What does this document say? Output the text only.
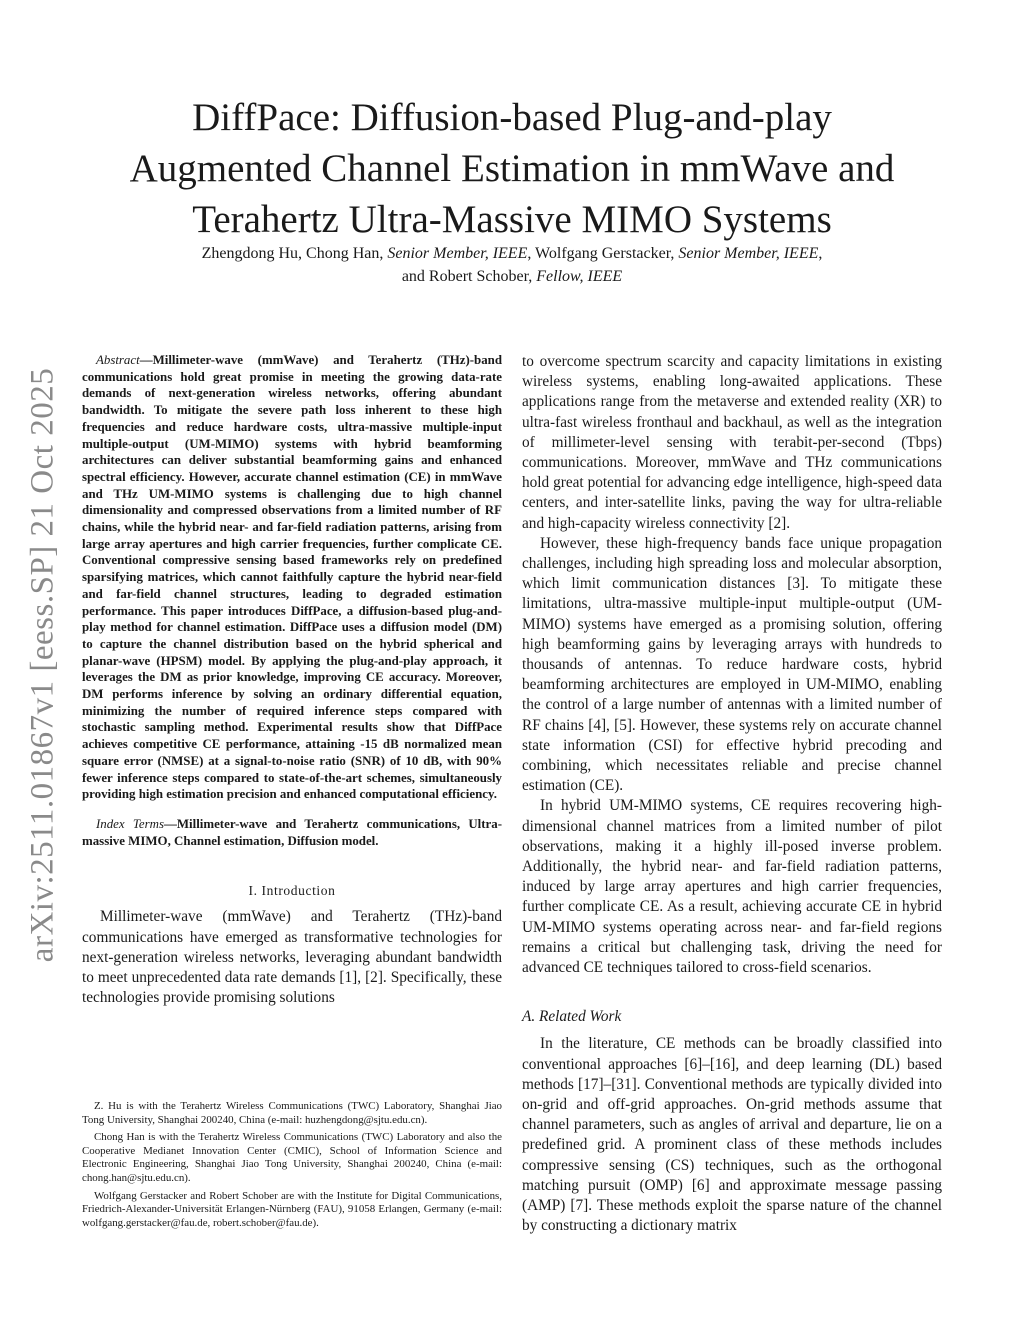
arXiv:2511.01867v1 [eess.SP] 21 Oct 2025
DiffPace: Diffusion-based Plug-and-play
Augmented Channel Estimation in mmWave and
Terahertz Ultra-Massive MIMO Systems
Zhengdong Hu, Chong Han, Senior Member, IEEE, Wolfgang Gerstacker, Senior Member, IEEE,
and Robert Schober, Fellow, IEEE

Abstract—Millimeter-wave (mmWave) and Terahertz (THz)-band communications hold great promise in meeting the growing data-rate demands of next-generation wireless networks, offering abundant bandwidth. To mitigate the severe path loss inherent to these high frequencies and reduce hardware costs, ultra-massive multiple-input multiple-output (UM-MIMO) systems with hybrid beamforming architectures can deliver substantial beamforming gains and enhanced spectral efficiency. However, accurate channel estimation (CE) in mmWave and THz UM-MIMO systems is challenging due to high channel dimensionality and compressed observations from a limited number of RF chains, while the hybrid near- and far-field radiation patterns, arising from large array apertures and high carrier frequencies, further complicate CE. Conventional compressive sensing based frameworks rely on predefined sparsifying matrices, which cannot faithfully capture the hybrid near-field and far-field channel structures, leading to degraded estimation performance. This paper introduces DiffPace, a diffusion-based plug-and-play method for channel estimation. DiffPace uses a diffusion model (DM) to capture the channel distribution based on the hybrid spherical and planar-wave (HPSM) model. By applying the plug-and-play approach, it leverages the DM as prior knowledge, improving CE accuracy. Moreover, DM performs inference by solving an ordinary differential equation, minimizing the number of required inference steps compared with stochastic sampling method. Experimental results show that DiffPace achieves competitive CE performance, attaining -15 dB normalized mean square error (NMSE) at a signal-to-noise ratio (SNR) of 10 dB, with 90% fewer inference steps compared to state-of-the-art schemes, simultaneously providing high estimation precision and enhanced computational efficiency.

Index Terms—Millimeter-wave and Terahertz communications, Ultra-massive MIMO, Channel estimation, Diffusion model.

I. Introduction

Millimeter-wave (mmWave) and Terahertz (THz)-band communications have emerged as transformative technologies for next-generation wireless networks, leveraging abundant bandwidth to meet unprecedented data rate demands [1], [2]. Specifically, these technologies provide promising solutions

Z. Hu is with the Terahertz Wireless Communications (TWC) Laboratory, Shanghai Jiao Tong University, Shanghai 200240, China (e-mail: huzhengdong@sjtu.edu.cn).

Chong Han is with the Terahertz Wireless Communications (TWC) Laboratory and also the Cooperative Medianet Innovation Center (CMIC), School of Information Science and Electronic Engineering, Shanghai Jiao Tong University, Shanghai 200240, China (e-mail: chong.han@sjtu.edu.cn).

Wolfgang Gerstacker and Robert Schober are with the Institute for Digital Communications, Friedrich-Alexander-Universität Erlangen-Nürnberg (FAU), 91058 Erlangen, Germany (e-mail: wolfgang.gerstacker@fau.de, robert.schober@fau.de).

to overcome spectrum scarcity and capacity limitations in existing wireless systems, enabling long-awaited applications. These applications range from the metaverse and extended reality (XR) to ultra-fast wireless fronthaul and backhaul, as well as the integration of millimeter-level sensing with terabit-per-second (Tbps) communications. Moreover, mmWave and THz communications hold great potential for advancing edge intelligence, high-speed data centers, and inter-satellite links, paving the way for ultra-reliable and high-capacity wireless connectivity [2].

However, these high-frequency bands face unique propagation challenges, including high spreading loss and molecular absorption, which limit communication distances [3]. To mitigate these limitations, ultra-massive multiple-input multiple-output (UM-MIMO) systems have emerged as a promising solution, offering high beamforming gains by leveraging arrays with hundreds to thousands of antennas. To reduce hardware costs, hybrid beamforming architectures are employed in UM-MIMO, enabling the control of a large number of antennas with a limited number of RF chains [4], [5]. However, these systems rely on accurate channel state information (CSI) for effective hybrid precoding and combining, which necessitates reliable and precise channel estimation (CE).

In hybrid UM-MIMO systems, CE requires recovering high-dimensional channel matrices from a limited number of pilot observations, making it a highly ill-posed inverse problem. Additionally, the hybrid near- and far-field radiation patterns, induced by large array apertures and high carrier frequencies, further complicate CE. As a result, achieving accurate CE in hybrid UM-MIMO systems operating across near- and far-field regions remains a critical but challenging task, driving the need for advanced CE techniques tailored to cross-field scenarios.

A. Related Work

In the literature, CE methods can be broadly classified into conventional approaches [6]–[16], and deep learning (DL) based methods [17]–[31]. Conventional methods are typically divided into on-grid and off-grid approaches. On-grid methods assume that channel parameters, such as angles of arrival and departure, lie on a predefined grid. A prominent class of these methods includes compressive sensing (CS) techniques, such as the orthogonal matching pursuit (OMP) [6] and approximate message passing (AMP) [7]. These methods exploit the sparse nature of the channel by constructing a dictionary matrix
